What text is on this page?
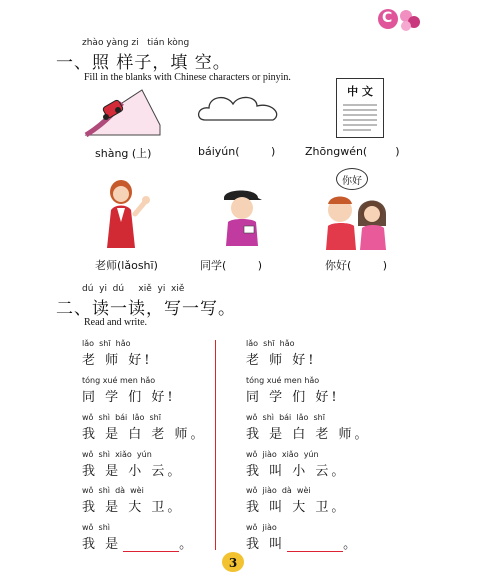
C
zhào yàng zi   tián kòng
一、照 样子，填 空。
Fill in the blanks with Chinese characters or pinyin.
中 文
shàng (上)	báiyún(         )	Zhōngwén(        )
你好
老师(lǎoshī)	同学(         )	你好(         )
dú  yi  dú     xiě  yi  xiě
二、读一读，写一写。
Read and write.
lǎo  shī  hǎo
老 师 好!
tóng xué men hǎo
同 学 们 好!
wǒ  shì  bái  lǎo  shī
我 是 白 老 师。
wǒ  shì  xiǎo  yún
我 是 小 云。
wǒ  shì  dà  wèi
我 是 大 卫。
wǒ  shì
我 是	。
lǎo  shī  hǎo
老 师 好!
tóng xué men hǎo
同 学 们 好!
wǒ  shì  bái  lǎo  shī
我 是 白 老 师。
wǒ  jiào  xiǎo  yún
我 叫 小 云。
wǒ  jiào  dà  wèi
我 叫 大 卫。
wǒ  jiào
我 叫	。
3
